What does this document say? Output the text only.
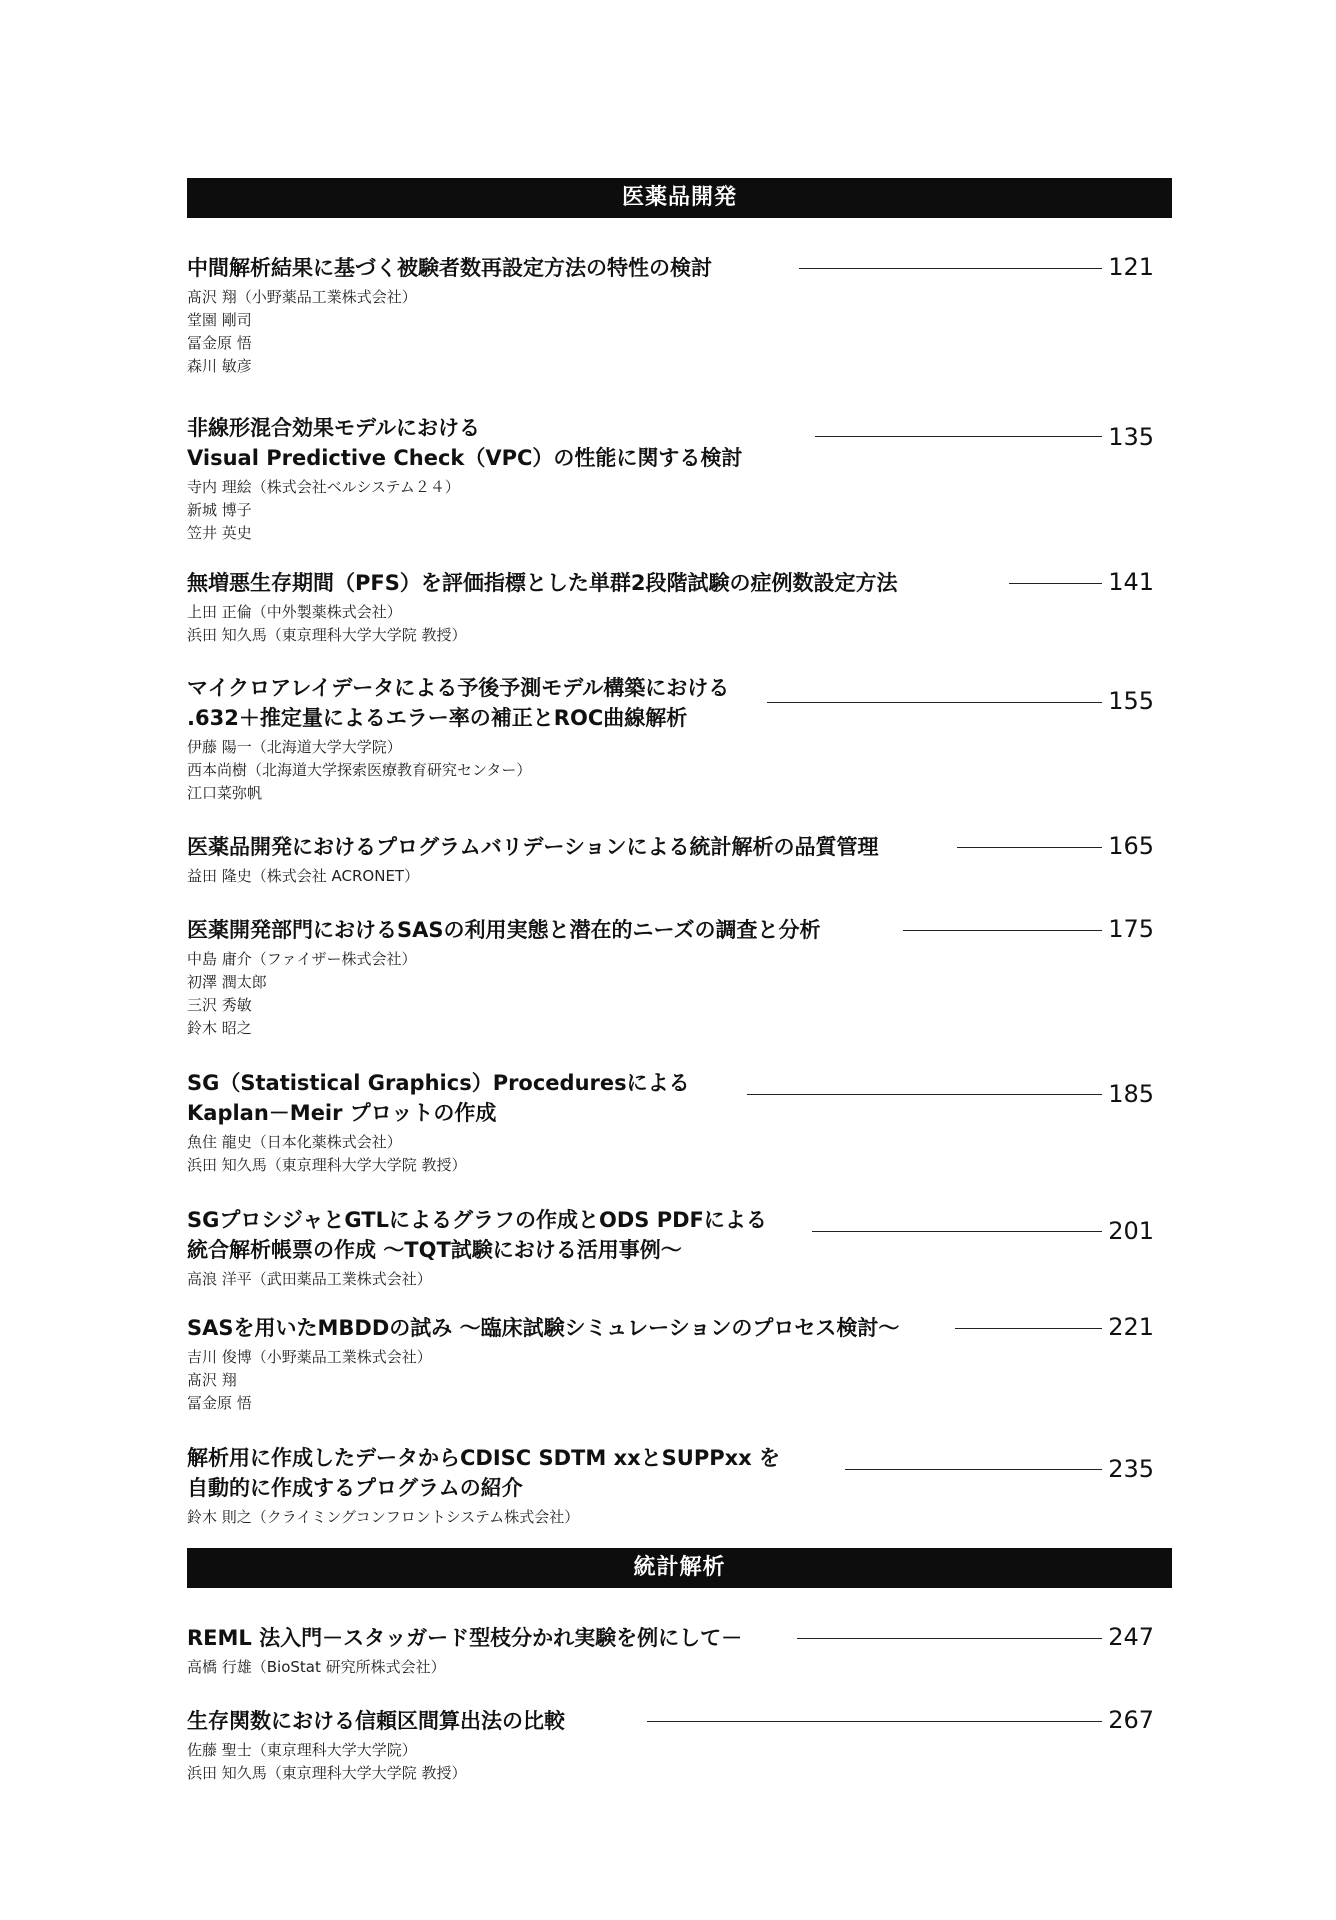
医薬品開発
中間解析結果に基づく被験者数再設定方法の特性の検討	121
髙沢 翔（小野薬品工業株式会社）
堂園 剛司
冨金原 悟
森川 敏彦
非線形混合効果モデルにおける
Visual Predictive Check（VPC）の性能に関する検討
135
寺内 理絵（株式会社ベルシステム２４）
新城 博子
笠井 英史
無増悪生存期間（PFS）を評価指標とした単群2段階試験の症例数設定方法	141
上田 正倫（中外製薬株式会社）
浜田 知久馬（東京理科大学大学院 教授）
マイクロアレイデータによる予後予測モデル構築における
.632＋推定量によるエラー率の補正とROC曲線解析
155
伊藤 陽一（北海道大学大学院）
西本尚樹（北海道大学探索医療教育研究センター）
江口菜弥帆
医薬品開発におけるプログラムバリデーションによる統計解析の品質管理	165
益田 隆史（株式会社 ACRONET）
医薬開発部門におけるSASの利用実態と潜在的ニーズの調査と分析	175
中島 庸介（ファイザー株式会社）
初澤 潤太郎
三沢 秀敏
鈴木 昭之
SG（Statistical Graphics）Proceduresによる
Kaplan－Meir プロットの作成
185
魚住 龍史（日本化薬株式会社）
浜田 知久馬（東京理科大学大学院 教授）
SGプロシジャとGTLによるグラフの作成とODS PDFによる
統合解析帳票の作成 ～TQT試験における活用事例～
201
高浪 洋平（武田薬品工業株式会社）
SASを用いたMBDDの試み ～臨床試験シミュレーションのプロセス検討～	221
吉川 俊博（小野薬品工業株式会社）
髙沢 翔
冨金原 悟
解析用に作成したデータからCDISC SDTM xxとSUPPxx を
自動的に作成するプログラムの紹介
235
鈴木 則之（クライミングコンフロントシステム株式会社）
統計解析
REML 法入門－スタッガード型枝分かれ実験を例にして－	247
高橋 行雄（BioStat 研究所株式会社）
生存関数における信頼区間算出法の比較	267
佐藤 聖士（東京理科大学大学院）
浜田 知久馬（東京理科大学大学院 教授）
